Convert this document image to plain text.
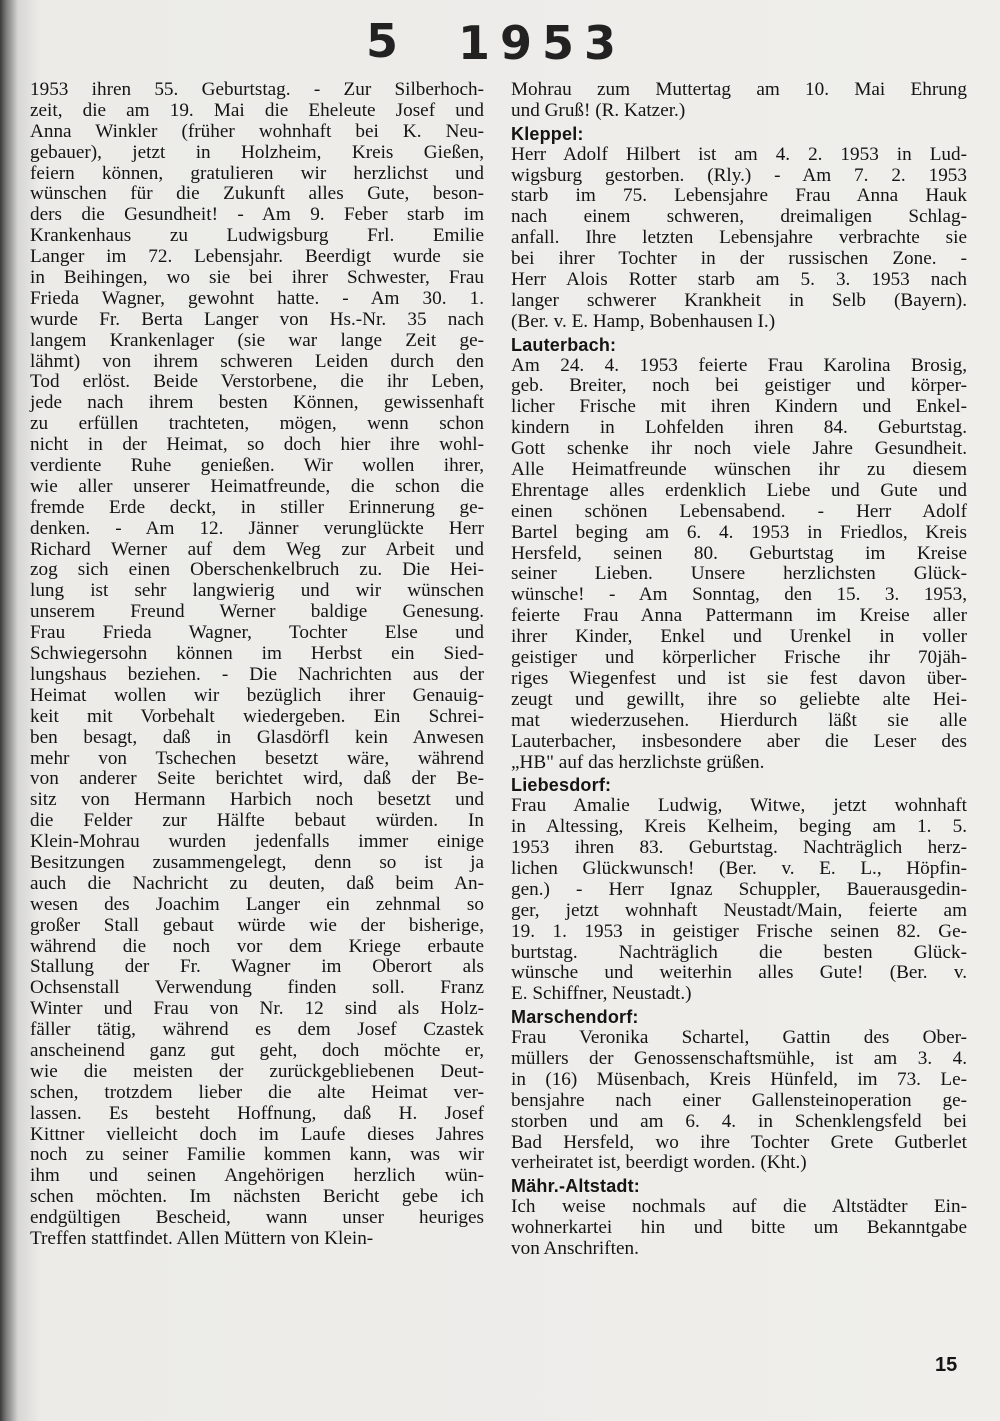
5 1953
1953 ihren 55. Geburtstag. - Zur Silberhoch-
zeit, die am 19. Mai die Eheleute Josef und
Anna Winkler (früher wohnhaft bei K. Neu-
gebauer), jetzt in Holzheim, Kreis Gießen,
feiern können, gratulieren wir herzlichst und
wünschen für die Zukunft alles Gute, beson-
ders die Gesundheit! - Am 9. Feber starb im
Krankenhaus zu Ludwigsburg Frl. Emilie
Langer im 72. Lebensjahr. Beerdigt wurde sie
in Beihingen, wo sie bei ihrer Schwester, Frau
Frieda Wagner, gewohnt hatte. - Am 30. 1.
wurde Fr. Berta Langer von Hs.-Nr. 35 nach
langem Krankenlager (sie war lange Zeit ge-
lähmt) von ihrem schweren Leiden durch den
Tod erlöst. Beide Verstorbene, die ihr Leben,
jede nach ihrem besten Können, gewissenhaft
zu erfüllen trachteten, mögen, wenn schon
nicht in der Heimat, so doch hier ihre wohl-
verdiente Ruhe genießen. Wir wollen ihrer,
wie aller unserer Heimatfreunde, die schon die
fremde Erde deckt, in stiller Erinnerung ge-
denken. - Am 12. Jänner verunglückte Herr
Richard Werner auf dem Weg zur Arbeit und
zog sich einen Oberschenkelbruch zu. Die Hei-
lung ist sehr langwierig und wir wünschen
unserem Freund Werner baldige Genesung.
Frau Frieda Wagner, Tochter Else und
Schwiegersohn können im Herbst ein Sied-
lungshaus beziehen. - Die Nachrichten aus der
Heimat wollen wir bezüglich ihrer Genauig-
keit mit Vorbehalt wiedergeben. Ein Schrei-
ben besagt, daß in Glasdörfl kein Anwesen
mehr von Tschechen besetzt wäre, während
von anderer Seite berichtet wird, daß der Be-
sitz von Hermann Harbich noch besetzt und
die Felder zur Hälfte bebaut würden. In
Klein-Mohrau wurden jedenfalls immer einige
Besitzungen zusammengelegt, denn so ist ja
auch die Nachricht zu deuten, daß beim An-
wesen des Joachim Langer ein zehnmal so
großer Stall gebaut würde wie der bisherige,
während die noch vor dem Kriege erbaute
Stallung der Fr. Wagner im Oberort als
Ochsenstall Verwendung finden soll. Franz
Winter und Frau von Nr. 12 sind als Holz-
fäller tätig, während es dem Josef Czastek
anscheinend ganz gut geht, doch möchte er,
wie die meisten der zurückgebliebenen Deut-
schen, trotzdem lieber die alte Heimat ver-
lassen. Es besteht Hoffnung, daß H. Josef
Kittner vielleicht doch im Laufe dieses Jahres
noch zu seiner Familie kommen kann, was wir
ihm und seinen Angehörigen herzlich wün-
schen möchten. Im nächsten Bericht gebe ich
endgültigen Bescheid, wann unser heuriges
Treffen stattfindet. Allen Müttern von Klein-
Mohrau zum Muttertag am 10. Mai Ehrung
und Gruß! (R. Katzer.)
Kleppel:
Herr Adolf Hilbert ist am 4. 2. 1953 in Lud-
wigsburg gestorben. (Rly.) - Am 7. 2. 1953
starb im 75. Lebensjahre Frau Anna Hauk
nach einem schweren, dreimaligen Schlag-
anfall. Ihre letzten Lebensjahre verbrachte sie
bei ihrer Tochter in der russischen Zone. -
Herr Alois Rotter starb am 5. 3. 1953 nach
langer schwerer Krankheit in Selb (Bayern).
(Ber. v. E. Hamp, Bobenhausen I.)
Lauterbach:
Am 24. 4. 1953 feierte Frau Karolina Brosig,
geb. Breiter, noch bei geistiger und körper-
licher Frische mit ihren Kindern und Enkel-
kindern in Lohfelden ihren 84. Geburtstag.
Gott schenke ihr noch viele Jahre Gesundheit.
Alle Heimatfreunde wünschen ihr zu diesem
Ehrentage alles erdenklich Liebe und Gute und
einen schönen Lebensabend. - Herr Adolf
Bartel beging am 6. 4. 1953 in Friedlos, Kreis
Hersfeld, seinen 80. Geburtstag im Kreise
seiner Lieben. Unsere herzlichsten Glück-
wünsche! - Am Sonntag, den 15. 3. 1953,
feierte Frau Anna Pattermann im Kreise aller
ihrer Kinder, Enkel und Urenkel in voller
geistiger und körperlicher Frische ihr 70jäh-
riges Wiegenfest und ist sie fest davon über-
zeugt und gewillt, ihre so geliebte alte Hei-
mat wiederzusehen. Hierdurch läßt sie alle
Lauterbacher, insbesondere aber die Leser des
„HB" auf das herzlichste grüßen.
Liebesdorf:
Frau Amalie Ludwig, Witwe, jetzt wohnhaft
in Altessing, Kreis Kelheim, beging am 1. 5.
1953 ihren 83. Geburtstag. Nachträglich herz-
lichen Glückwunsch! (Ber. v. E. L., Höpfin-
gen.) - Herr Ignaz Schuppler, Bauerausgedin-
ger, jetzt wohnhaft Neustadt/Main, feierte am
19. 1. 1953 in geistiger Frische seinen 82. Ge-
burtstag. Nachträglich die besten Glück-
wünsche und weiterhin alles Gute! (Ber. v.
E. Schiffner, Neustadt.)
Marschendorf:
Frau Veronika Schartel, Gattin des Ober-
müllers der Genossenschaftsmühle, ist am 3. 4.
in (16) Müsenbach, Kreis Hünfeld, im 73. Le-
bensjahre nach einer Gallensteinoperation ge-
storben und am 6. 4. in Schenklengsfeld bei
Bad Hersfeld, wo ihre Tochter Grete Gutberlet
verheiratet ist, beerdigt worden. (Kht.)
Mähr.-Altstadt:
Ich weise nochmals auf die Altstädter Ein-
wohnerkartei hin und bitte um Bekanntgabe
von Anschriften.
15
